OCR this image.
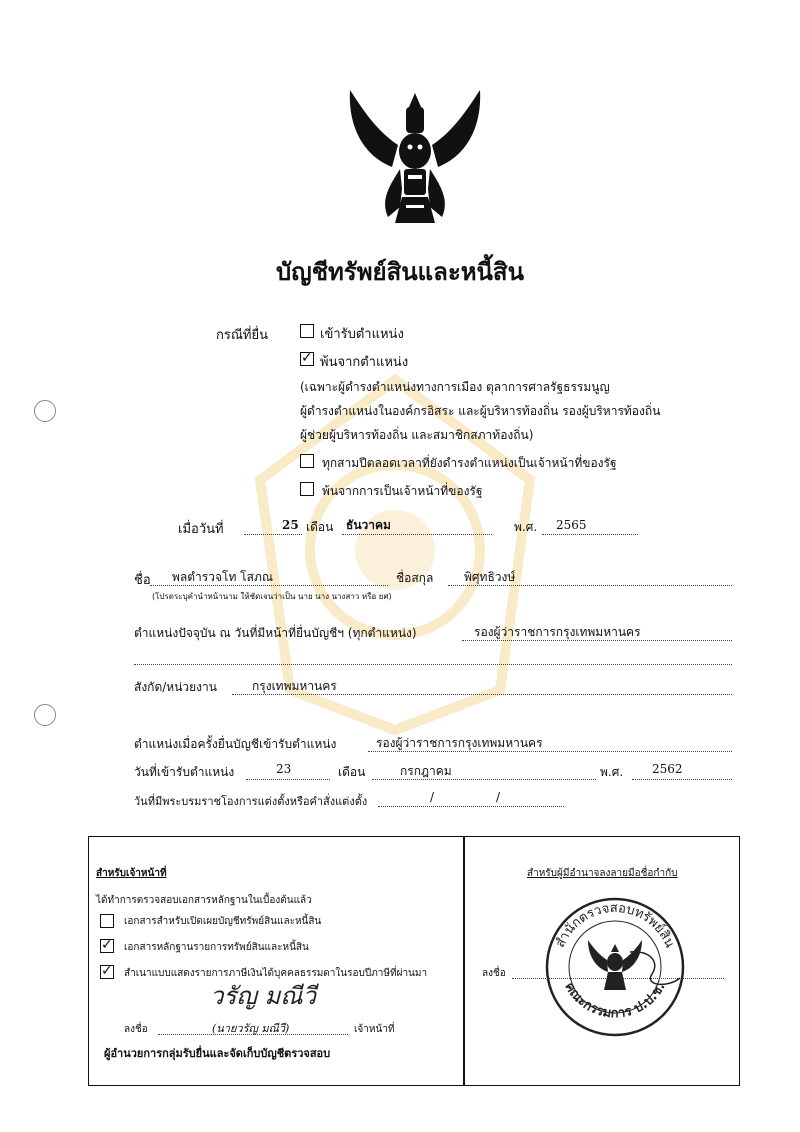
บัญชีทรัพย์สินและหนี้สิน
กรณีที่ยื่น	เข้ารับตำแหน่ง
✓
พ้นจากตำแหน่ง
(เฉพาะผู้ดำรงตำแหน่งทางการเมือง ตุลาการศาลรัฐธรรมนูญ
ผู้ดำรงตำแหน่งในองค์กรอิสระ และผู้บริหารท้องถิ่น รองผู้บริหารท้องถิ่น
ผู้ช่วยผู้บริหารท้องถิ่น และสมาชิกสภาท้องถิ่น)
ทุกสามปีตลอดเวลาที่ยังดำรงตำแหน่งเป็นเจ้าหน้าที่ของรัฐ
พ้นจากการเป็นเจ้าหน้าที่ของรัฐ
เมื่อวันที่	25 เดือน ธันวาคม	พ.ศ. 2565
ชื่อ พลตำรวจโท โสภณ	ชื่อสกุล	พิศุทธิวงษ์
(โปรดระบุคำนำหน้านาม ให้ชัดเจนว่าเป็น นาย นาง นางสาว หรือ ยศ)
ตำแหน่งปัจจุบัน ณ วันที่มีหน้าที่ยื่นบัญชีฯ (ทุกตำแหน่ง)	รองผู้ว่าราชการกรุงเทพมหานคร
สังกัด/หน่วยงาน	กรุงเทพมหานคร
ตำแหน่งเมื่อครั้งยื่นบัญชีเข้ารับตำแหน่ง	รองผู้ว่าราชการกรุงเทพมหานคร
วันที่เข้ารับตำแหน่ง	23	เดือน	กรกฎาคม	พ.ศ. 2562
วันที่มีพระบรมราชโองการแต่งตั้งหรือคำสั่งแต่งตั้ง	/	/
สำหรับเจ้าหน้าที่
ได้ทำการตรวจสอบเอกสารหลักฐานในเบื้องต้นแล้ว
เอกสารสำหรับเปิดเผยบัญชีทรัพย์สินและหนี้สิน
✓
เอกสารหลักฐานรายการทรัพย์สินและหนี้สิน
✓
สำเนาแบบแสดงรายการภาษีเงินได้บุคคลธรรมดาในรอบปีภาษีที่ผ่านมา
วรัญ มณีวี
ลงชื่อ	(นายวรัญ มณีวี)	เจ้าหน้าที่
ผู้อำนวยการกลุ่มรับยื่นและจัดเก็บบัญชีตรวจสอบ
สำหรับผู้มีอำนาจลงลายมือชื่อกำกับ
ลงชื่อ
สำนักตรวจสอบทรัพย์สิน
คณะกรรมการ ป.ป.ช.
